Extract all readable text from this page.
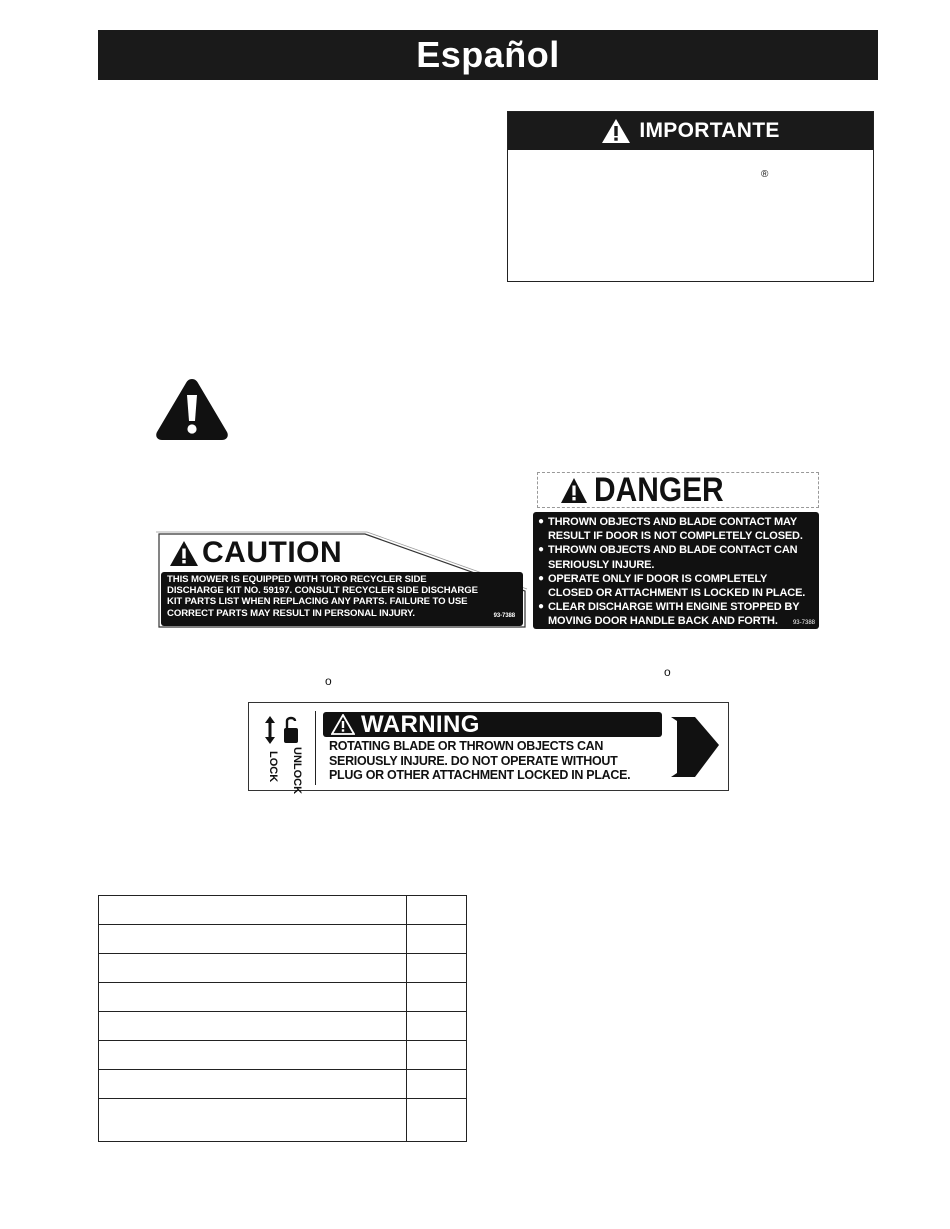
Español
IMPORTANTE
®
CAUTION
THIS MOWER IS EQUIPPED WITH TORO RECYCLER SIDE
DISCHARGE KIT NO. 59197. CONSULT RECYCLER SIDE DISCHARGE
KIT PARTS LIST WHEN REPLACING ANY PARTS. FAILURE TO USE
CORRECT PARTS MAY RESULT IN PERSONAL INJURY.	93-7388
DANGER
● THROWN OBJECTS AND BLADE CONTACT MAY
RESULT IF DOOR IS NOT COMPLETELY CLOSED.
● THROWN OBJECTS AND BLADE CONTACT CAN
SERIOUSLY INJURE.
● OPERATE ONLY IF DOOR IS COMPLETELY
CLOSED OR ATTACHMENT IS LOCKED IN PLACE.
● CLEAR DISCHARGE WITH ENGINE STOPPED BY
MOVING DOOR HANDLE BACK AND FORTH.	93-7388
o
o
LOCK UNLOCK
WARNING
ROTATING BLADE OR THROWN OBJECTS CAN
SERIOUSLY INJURE. DO NOT OPERATE WITHOUT
PLUG OR OTHER ATTACHMENT LOCKED IN PLACE.
